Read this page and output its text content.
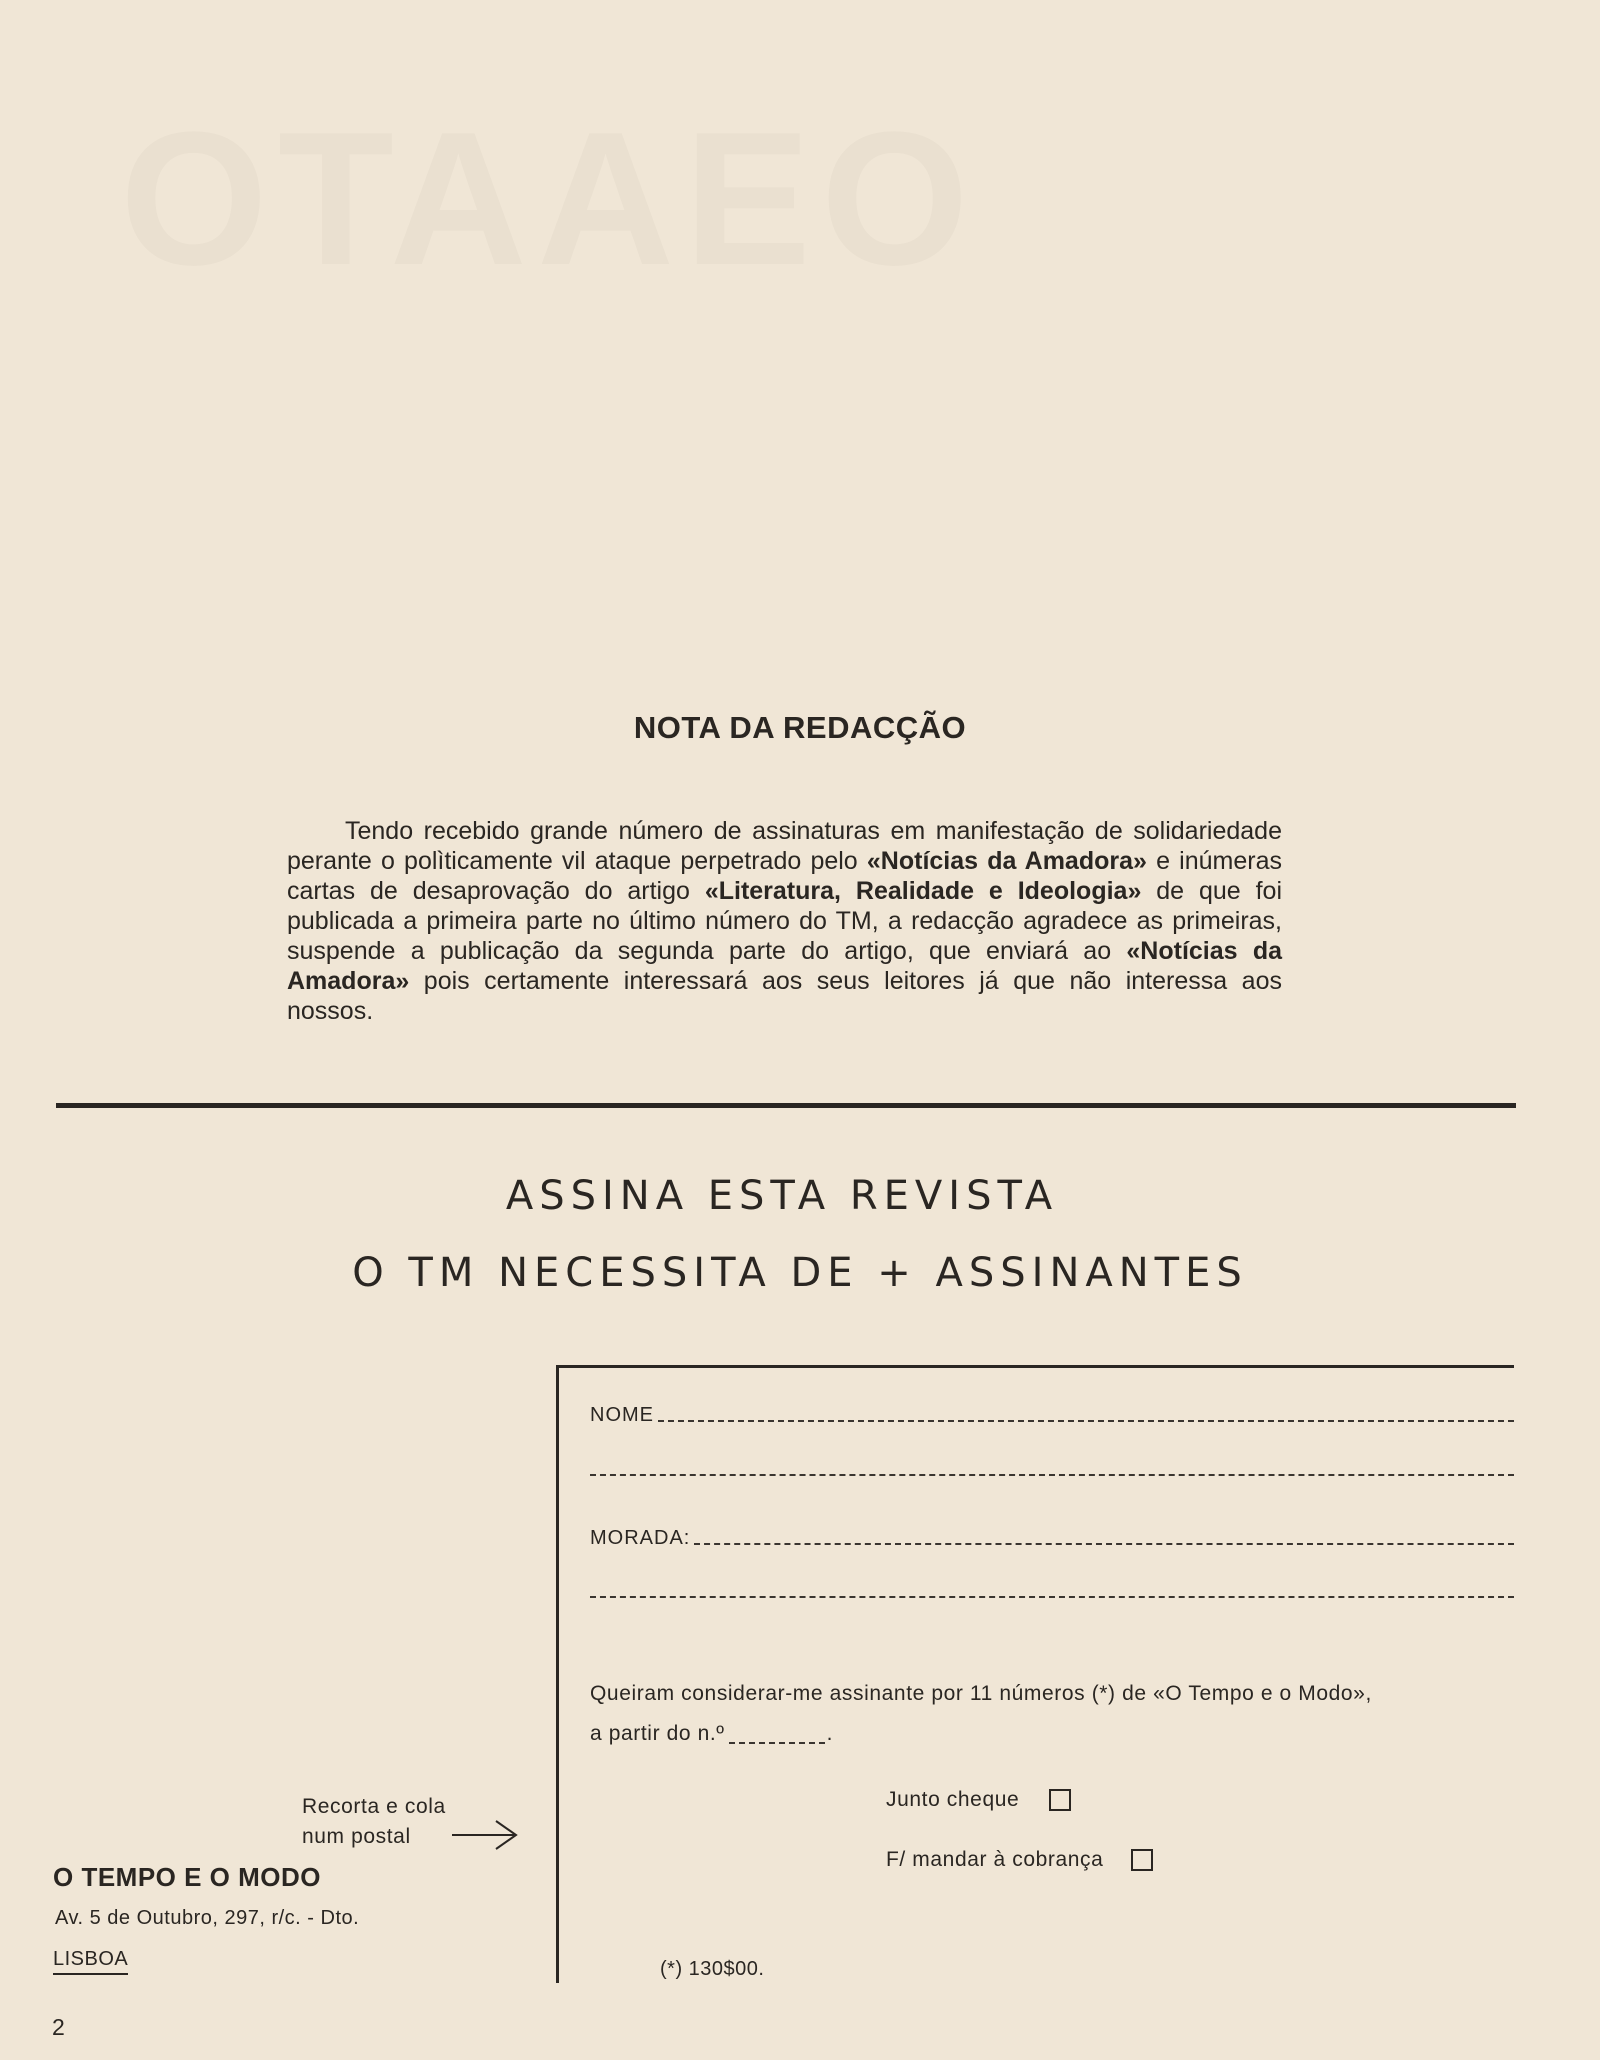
OTAAEO
NOTA DA REDACÇÃO

Tendo recebido grande número de assinaturas em manifestação de solidariedade perante o polìticamente vil ataque perpetrado pelo «Notícias da Amadora» e inúmeras cartas de desaprovação do artigo «Literatura, Realidade e Ideologia» de que foi publicada a primeira parte no último número do TM, a redacção agradece as primeiras, suspende a publicação da segunda parte do artigo, que enviará ao «Notícias da Amadora» pois certamente interessará aos seus leitores já que não interessa aos nossos.

ASSINA ESTA REVISTA
O TM NECESSITA DE + ASSINANTES
NOME
MORADA:
Queiram considerar-me assinante por 11 números (*) de «O Tempo e o Modo»,
a partir do n.º	.
Junto cheque
F/ mandar à cobrança
(*) 130$00.
Recorta e cola
num postal
O TEMPO E O MODO
Av. 5 de Outubro, 297, r/c. - Dto.
LISBOA
2
